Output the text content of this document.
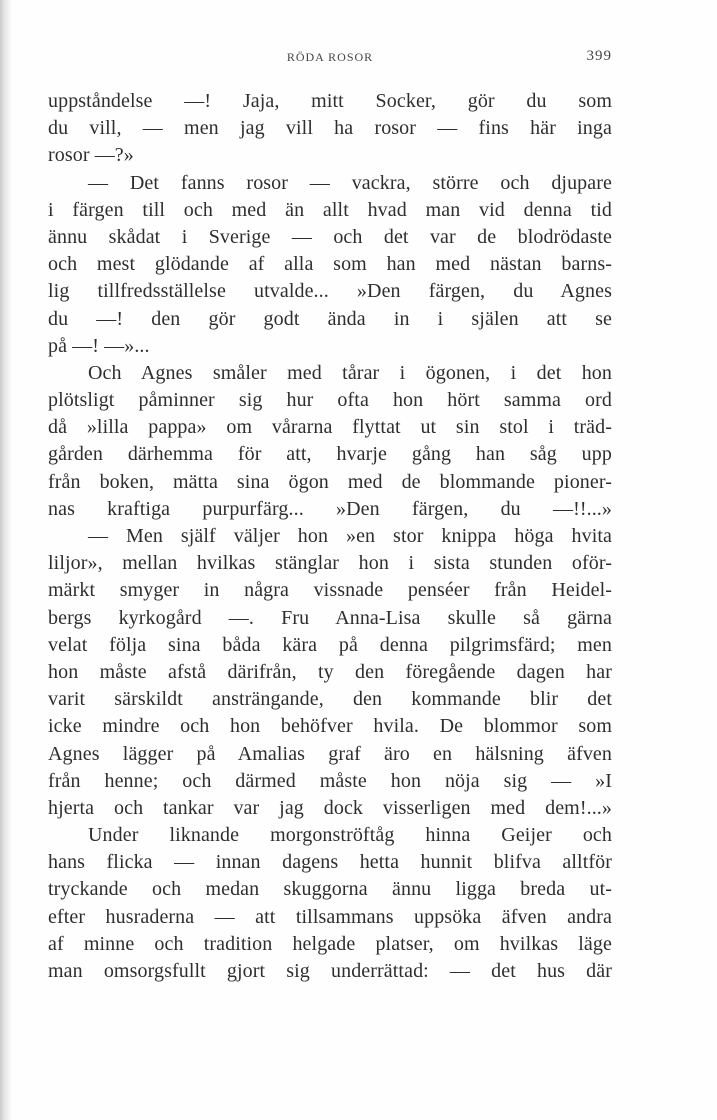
RÖDA ROSOR	399
uppståndelse —! Jaja, mitt Socker, gör du som
du vill, — men jag vill ha rosor — fins här inga
rosor —?»
— Det fanns rosor — vackra, större och djupare
i färgen till och med än allt hvad man vid denna tid
ännu skådat i Sverige — och det var de blodrödaste
och mest glödande af alla som han med nästan barns-
lig tillfredsställelse utvalde... »Den färgen, du Agnes
du —! den gör godt ända in i själen att se
på —! —»...
Och Agnes småler med tårar i ögonen, i det hon
plötsligt påminner sig hur ofta hon hört samma ord
då »lilla pappa» om vårarna flyttat ut sin stol i träd-
gården därhemma för att, hvarje gång han såg upp
från boken, mätta sina ögon med de blommande pioner-
nas kraftiga purpurfärg... »Den färgen, du —!!...»
— Men själf väljer hon »en stor knippa höga hvita
liljor», mellan hvilkas stänglar hon i sista stunden oför-
märkt smyger in några vissnade penséer från Heidel-
bergs kyrkogård —. Fru Anna-Lisa skulle så gärna
velat följa sina båda kära på denna pilgrimsfärd; men
hon måste afstå därifrån, ty den föregående dagen har
varit särskildt ansträngande, den kommande blir det
icke mindre och hon behöfver hvila. De blommor som
Agnes lägger på Amalias graf äro en hälsning äfven
från henne; och därmed måste hon nöja sig — »I
hjerta och tankar var jag dock visserligen med dem!...»
Under liknande morgonströftåg hinna Geijer och
hans flicka — innan dagens hetta hunnit blifva alltför
tryckande och medan skuggorna ännu ligga breda ut-
efter husraderna — att tillsammans uppsöka äfven andra
af minne och tradition helgade platser, om hvilkas läge
man omsorgsfullt gjort sig underrättad: — det hus där
